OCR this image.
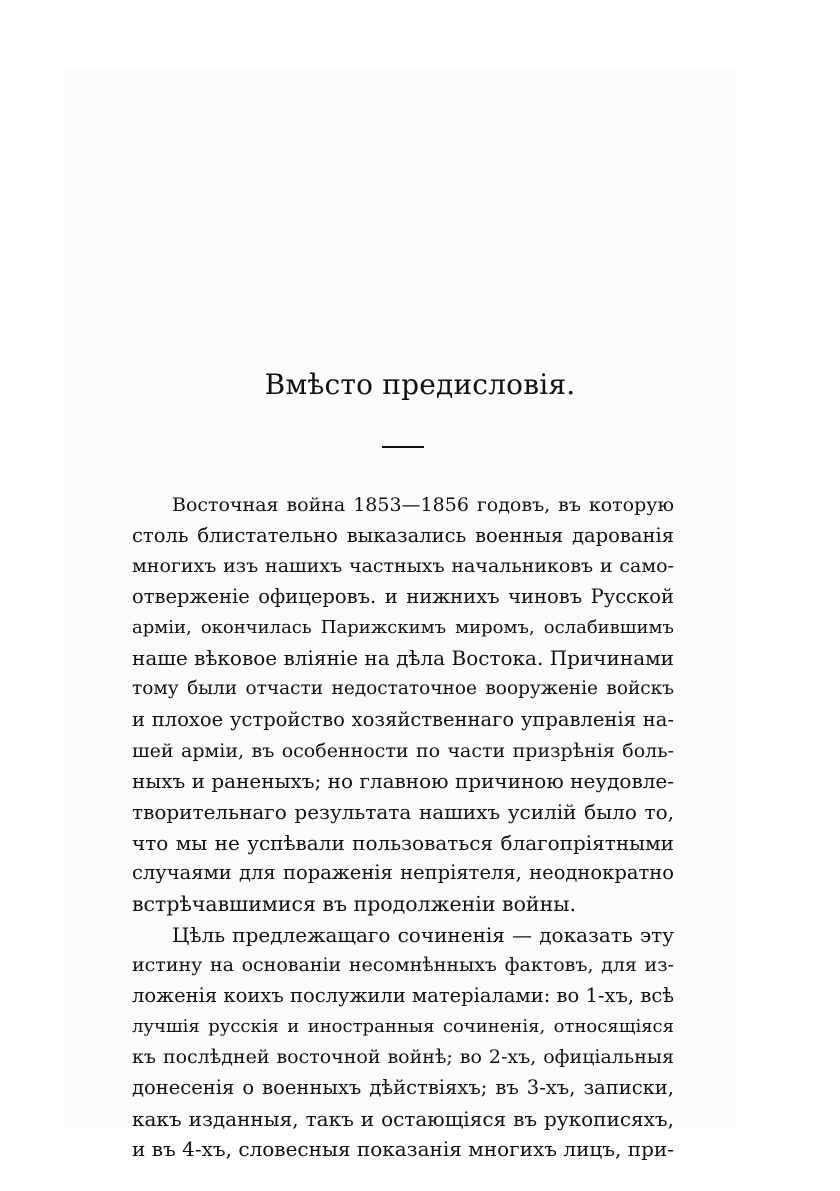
Вмѣсто предисловія.
Восточная война 1853—1856 годовъ, въ которую
столь блистательно выказались военныя дарованія
многихъ изъ нашихъ частныхъ начальниковъ и само-
отверженіе офицеровъ. и нижнихъ чиновъ Русской
арміи, окончилась Парижскимъ миромъ, ослабившимъ
наше вѣковое вліяніе на дѣла Востока. Причинами
тому были отчасти недостаточное вооруженіе войскъ
и плохое устройство хозяйственнаго управленія на-
шей арміи, въ особенности по части призрѣнія боль-
ныхъ и раненыхъ; но главною причиною неудовле-
творительнаго результата нашихъ усилій было то,
что мы не успѣвали пользоваться благопріятными
случаями для пораженія непріятеля, неоднократно
встрѣчавшимися въ продолженіи войны.
Цѣль предлежащаго сочиненія — доказать эту
истину на основаніи несомнѣнныхъ фактовъ, для из-
ложенія коихъ послужили матеріалами: во 1-хъ, всѣ
лучшія русскія и иностранныя сочиненія, относящіяся
къ послѣдней восточной войнѣ; во 2-хъ, офиціальныя
донесенія о военныхъ дѣйствіяхъ; въ 3-хъ, записки,
какъ изданныя, такъ и остающіяся въ рукописяхъ,
и въ 4-хъ, словесныя показанія многихъ лицъ, при-
